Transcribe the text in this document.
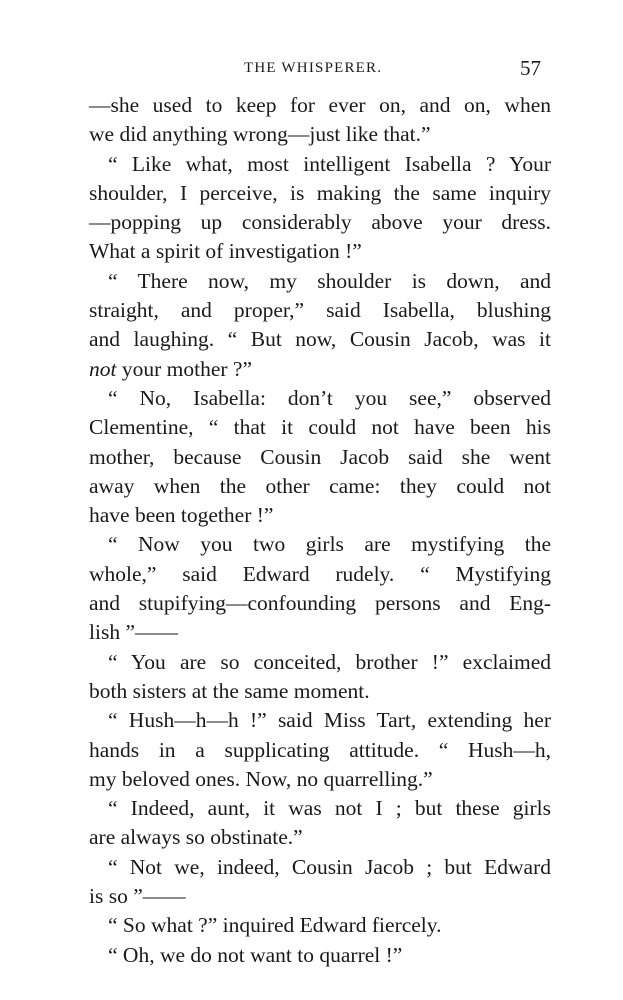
THE WHISPERER.	57
—she used to keep for ever on, and on, when
we did anything wrong—just like that.”
“ Like what, most intelligent Isabella ? Your
shoulder, I perceive, is making the same inquiry
—popping up considerably above your dress.
What a spirit of investigation !”
“ There now, my shoulder is down, and
straight, and proper,” said Isabella, blushing
and laughing. “ But now, Cousin Jacob, was it
not your mother ?”
“ No, Isabella: don’t you see,” observed
Clementine, “ that it could not have been his
mother, because Cousin Jacob said she went
away when the other came: they could not
have been together !”
“ Now you two girls are mystifying the
whole,” said Edward rudely. “ Mystifying
and stupifying—confounding persons and Eng-
lish ”——
“ You are so conceited, brother !” exclaimed
both sisters at the same moment.
“ Hush—h—h !” said Miss Tart, extending her
hands in a supplicating attitude. “ Hush—h,
my beloved ones. Now, no quarrelling.”
“ Indeed, aunt, it was not I ; but these girls
are always so obstinate.”
“ Not we, indeed, Cousin Jacob ; but Edward
is so ”——
“ So what ?” inquired Edward fiercely.
“ Oh, we do not want to quarrel !”
